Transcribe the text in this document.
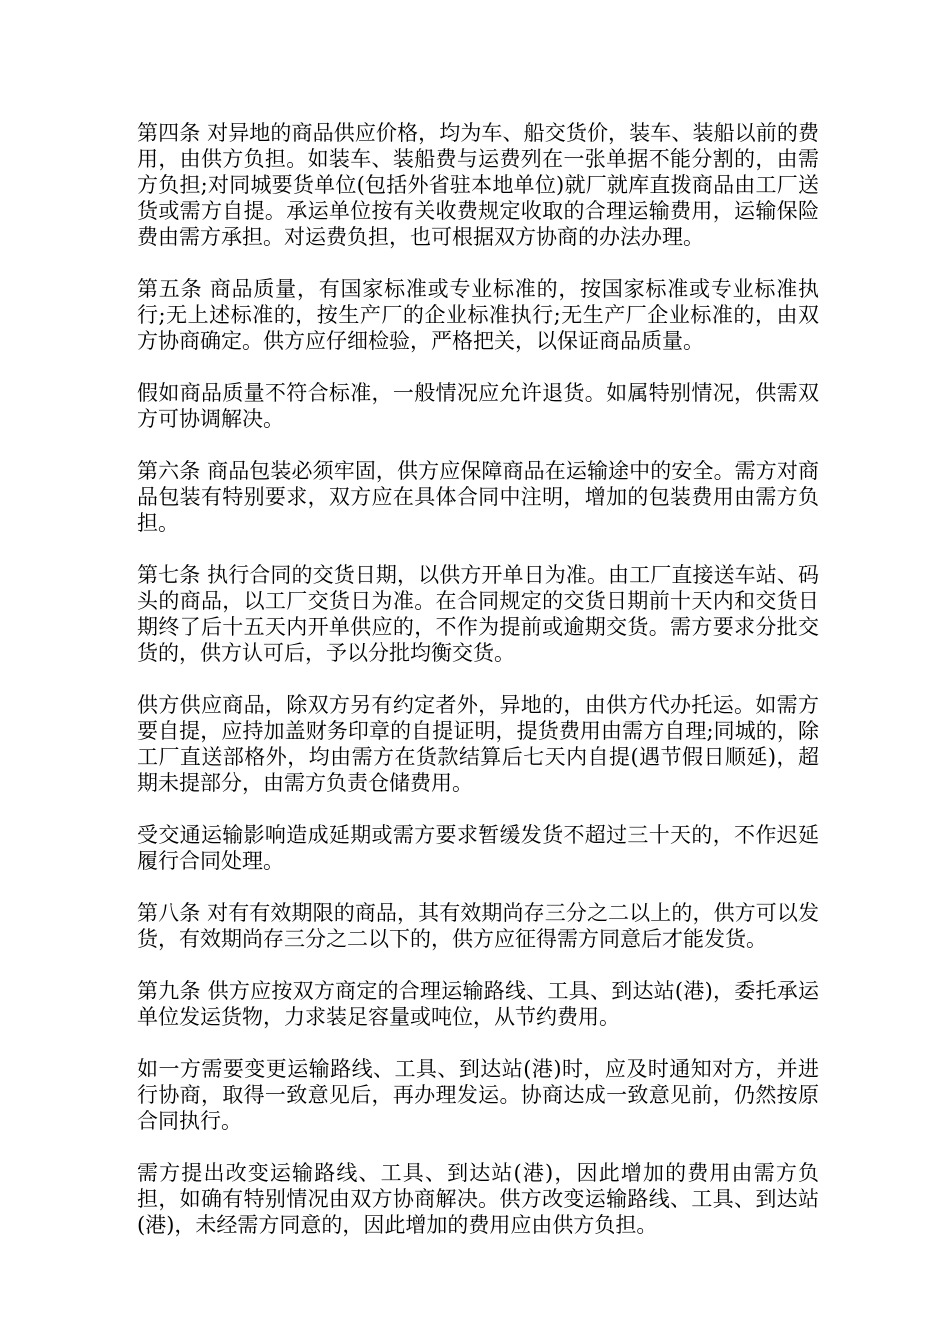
第四条 对异地的商品供应价格，均为车、船交货价，装车、装船以前的费用，由供方负担。如装车、装船费与运费列在一张单据不能分割的，由需方负担;对同城要货单位(包括外省驻本地单位)就厂就库直拨商品由工厂送货或需方自提。承运单位按有关收费规定收取的合理运输费用，运输保险费由需方承担。对运费负担，也可根据双方协商的办法办理。

第五条 商品质量，有国家标准或专业标准的，按国家标准或专业标准执行;无上述标准的，按生产厂的企业标准执行;无生产厂企业标准的，由双方协商确定。供方应仔细检验，严格把关，以保证商品质量。

假如商品质量不符合标准，一般情况应允许退货。如属特别情况，供需双方可协调解决。

第六条 商品包装必须牢固，供方应保障商品在运输途中的安全。需方对商品包装有特别要求，双方应在具体合同中注明，增加的包装费用由需方负担。

第七条 执行合同的交货日期，以供方开单日为准。由工厂直接送车站、码头的商品，以工厂交货日为准。在合同规定的交货日期前十天内和交货日期终了后十五天内开单供应的，不作为提前或逾期交货。需方要求分批交货的，供方认可后，予以分批均衡交货。

供方供应商品，除双方另有约定者外，异地的，由供方代办托运。如需方要自提，应持加盖财务印章的自提证明，提货费用由需方自理;同城的，除工厂直送部格外，均由需方在货款结算后七天内自提(遇节假日顺延)，超期未提部分，由需方负责仓储费用。

受交通运输影响造成延期或需方要求暂缓发货不超过三十天的，不作迟延履行合同处理。

第八条 对有有效期限的商品，其有效期尚存三分之二以上的，供方可以发货，有效期尚存三分之二以下的，供方应征得需方同意后才能发货。

第九条 供方应按双方商定的合理运输路线、工具、到达站(港)，委托承运单位发运货物，力求装足容量或吨位，从节约费用。

如一方需要变更运输路线、工具、到达站(港)时，应及时通知对方，并进行协商，取得一致意见后，再办理发运。协商达成一致意见前，仍然按原合同执行。

需方提出改变运输路线、工具、到达站(港)，因此增加的费用由需方负担，如确有特别情况由双方协商解决。供方改变运输路线、工具、到达站(港)，未经需方同意的，因此增加的费用应由供方负担。
